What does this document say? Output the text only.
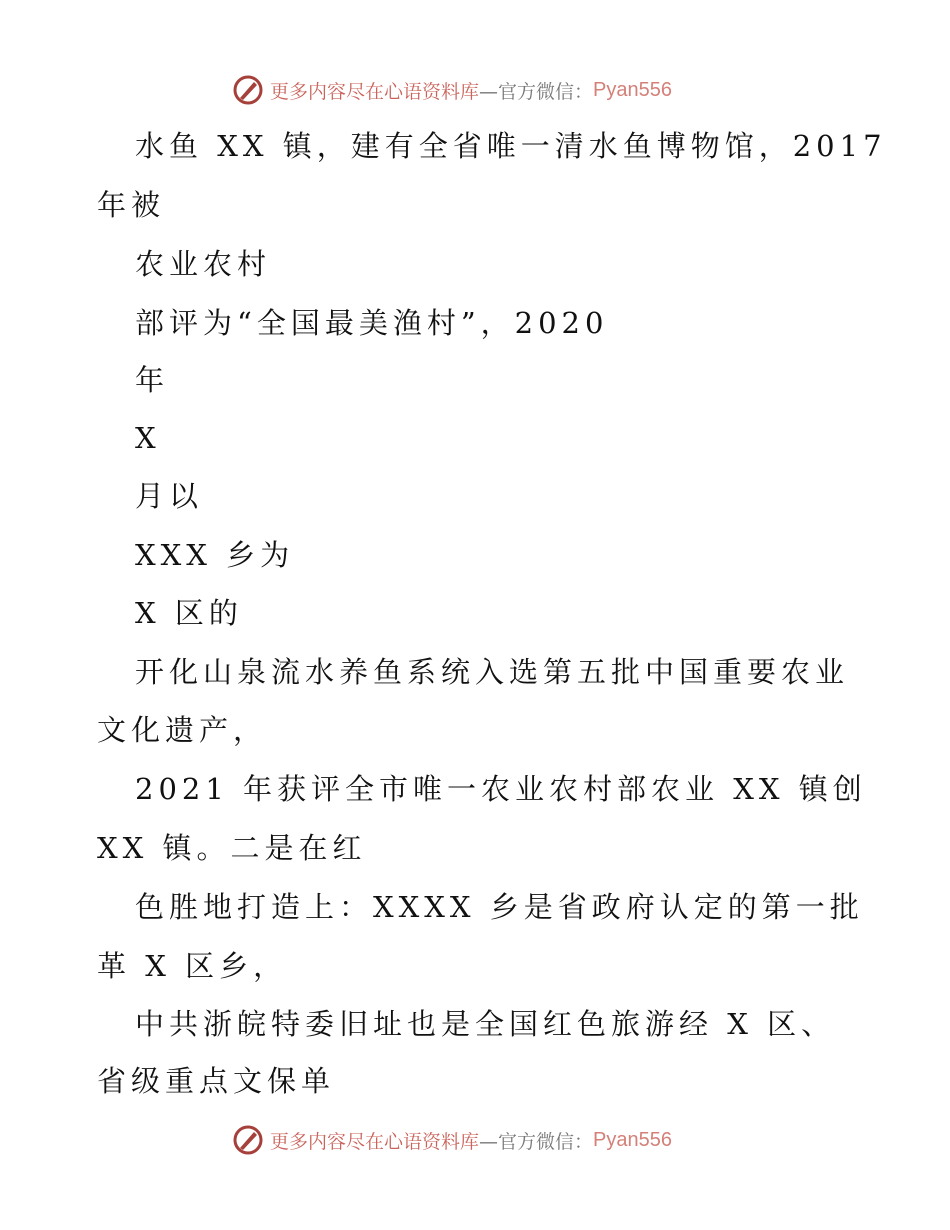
更多内容尽在心语资料库 —官方微信： Pyan556
水鱼 XX 镇，建有全省唯一清水鱼博物馆，2017
年被
农业农村
部评为“全国最美渔村”，2020
年
X
月以
XXX 乡为
X 区的
开化山泉流水养鱼系统入选第五批中国重要农业
文化遗产，
2021 年获评全市唯一农业农村部农业 XX 镇创
XX 镇。二是在红
色胜地打造上：XXXX 乡是省政府认定的第一批
革 X 区乡，
中共浙皖特委旧址也是全国红色旅游经 X 区、
省级重点文保单
更多内容尽在心语资料库 —官方微信： Pyan556
